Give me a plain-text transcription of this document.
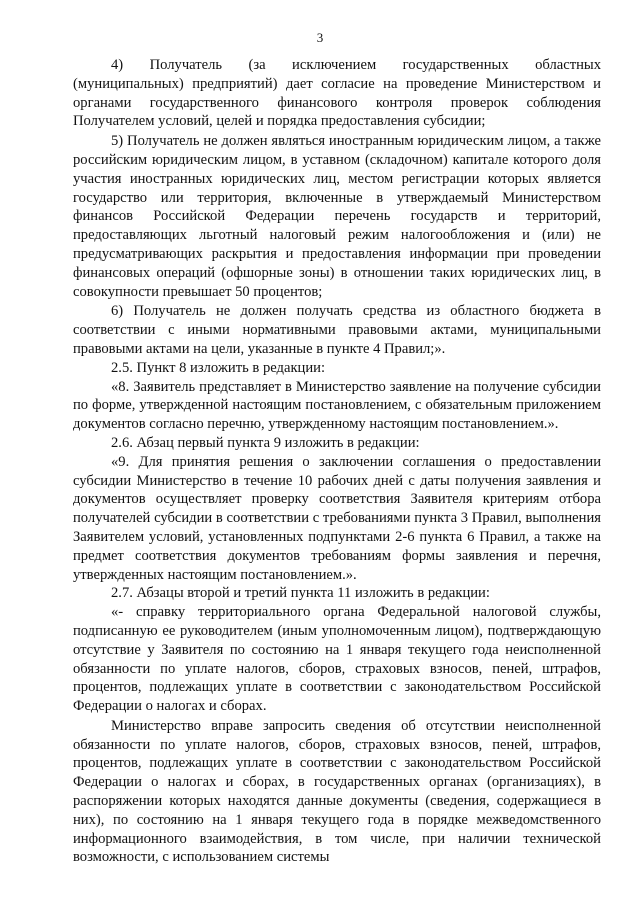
3

4) Получатель (за исключением государственных областных (муниципальных) предприятий) дает согласие на проведение Министерством и органами государственного финансового контроля проверок соблюдения Получателем условий, целей и порядка предоставления субсидии;

5) Получатель не должен являться иностранным юридическим лицом, а также российским юридическим лицом, в уставном (складочном) капитале которого доля участия иностранных юридических лиц, местом регистрации которых является государство или территория, включенные в утверждаемый Министерством финансов Российской Федерации перечень государств и территорий, предоставляющих льготный налоговый режим налогообложения и (или) не предусматривающих раскрытия и предоставления информации при проведении финансовых операций (офшорные зоны) в отношении таких юридических лиц, в совокупности превышает 50 процентов;

6) Получатель не должен получать средства из областного бюджета в соответствии с иными нормативными правовыми актами, муниципальными правовыми актами на цели, указанные в пункте 4 Правил;».

2.5. Пункт 8 изложить в редакции:

«8. Заявитель представляет в Министерство заявление на получение субсидии по форме, утвержденной настоящим постановлением, с обязательным приложением документов согласно перечню, утвержденному настоящим постановлением.».

2.6. Абзац первый пункта 9 изложить в редакции:

«9. Для принятия решения о заключении соглашения о предоставлении субсидии Министерство в течение 10 рабочих дней с даты получения заявления и документов осуществляет проверку соответствия Заявителя критериям отбора получателей субсидии в соответствии с требованиями пункта 3 Правил, выполнения Заявителем условий, установленных подпунктами 2-6 пункта 6 Правил, а также на предмет соответствия документов требованиям формы заявления и перечня, утвержденных настоящим постановлением.».

2.7. Абзацы второй и третий пункта 11 изложить в редакции:

«- справку территориального органа Федеральной налоговой службы, подписанную ее руководителем (иным уполномоченным лицом), подтверждающую отсутствие у Заявителя по состоянию на 1 января текущего года неисполненной обязанности по уплате налогов, сборов, страховых взносов, пеней, штрафов, процентов, подлежащих уплате в соответствии с законодательством Российской Федерации о налогах и сборах.

Министерство вправе запросить сведения об отсутствии неисполненной обязанности по уплате налогов, сборов, страховых взносов, пеней, штрафов, процентов, подлежащих уплате в соответствии с законодательством Российской Федерации о налогах и сборах, в государственных органах (организациях), в распоряжении которых находятся данные документы (сведения, содержащиеся в них), по состоянию на 1 января текущего года в порядке межведомственного информационного взаимодействия, в том числе, при наличии технической возможности, с использованием системы
